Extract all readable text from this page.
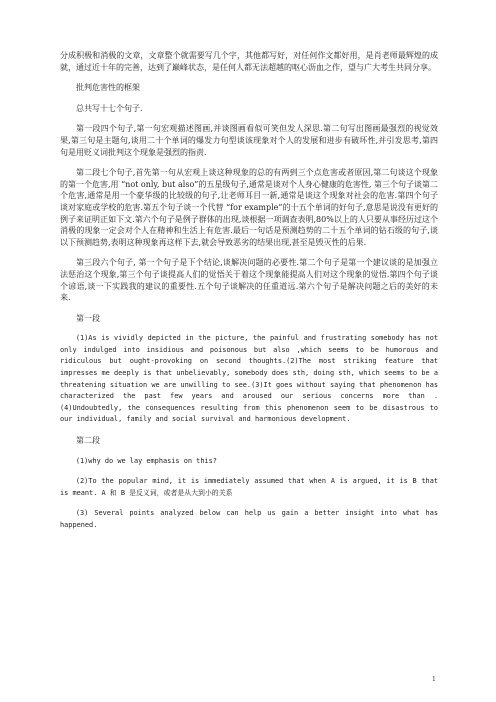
分成积极和消极的文章，文章整个就需要写几个字，其他都写好，对任何作文都好用，是肖老师最辉煌的成就，通过近十年的完善，达到了巅峰状态，是任何人都无法超越的呕心沥血之作，望与广大考生共同分享。

批判危害性的框架

总共写十七个句子.

第一段四个句子,第一句宏观描述图画,并谈图画看似可笑但发人深思.第二句写出图画最强烈的视觉效果,第三句是主题句,谈用二十个单词的爆发力句型谈该现象对个人的发展和进步有破坏性,并引发思考,第四句是用贬义词批判这个现象是强烈的指责.

第二段七个句子,首先第一句从宏观上谈这种现象的总的有两到三个点危害或者原因,第二句谈这个现象的第一个危害,用 “not only, but also”的五星级句子,通常是谈对个人身心健康的危害性, 第三个句子谈第二个危害,通常是用一个豪华级的比较级的句子,让老师耳目一新,通常是谈这个现象对社会的危害.第四个句子谈对家庭或学校的危害.第五个句子谈一个代替 “for example”的十五个单词的好句子,意思是说没有更好的例子来证明正如下文.第六个句子是例子群体的出现,谈根据一项调查表明,80%以上的人只要从事经历过这个消极的现象一定会对个人在精神和生活上有危害.最后一句话是预测趋势的二十五个单词的钻石级的句子,谈以下预测趋势,表明这种现象再这样下去,就会导致恶劣的结果出现,甚至是毁灭性的后果.

第三段六个句子, 第一个句子是下个结论,谈解决问题的必要性.第二个句子是第一个建议谈的是加强立法惩治这个现象,第三个句子谈提高人们的觉悟关于着这个现象能提高人们对这个现象的觉悟.第四个句子谈个谚语,谈一下实践我的建议的重要性.五个句子谈解决的任重道远.第六个句子是解决问题之后的美好的未来.

第一段

(1)As is vividly depicted in the picture, the painful and frustrating somebody has not only indulged into insidious and poisonous but also ,which seems to be humorous and ridiculous but ought-provoking on second thoughts.(2)The most striking feature that impresses me deeply is that unbelievably, somebody does sth, doing sth, which seems to be a threatening situation we are unwilling to see.(3)It goes without saying that phenomenon has characterized the past few years and aroused our serious concerns more than .(4)Undoubtedly, the consequences resulting from this phenomenon seem to be disastrous to our individual, family and social survival and harmonious development.

第二段

(1)why do we lay emphasis on this?

(2)To the popular mind, it is immediately assumed that when A is argued, it is B that is meant. A 和 B 是反义词，或者是从大到小的关系

(3) Several points analyzed below can help us gain a better insight into what has happened.

1
